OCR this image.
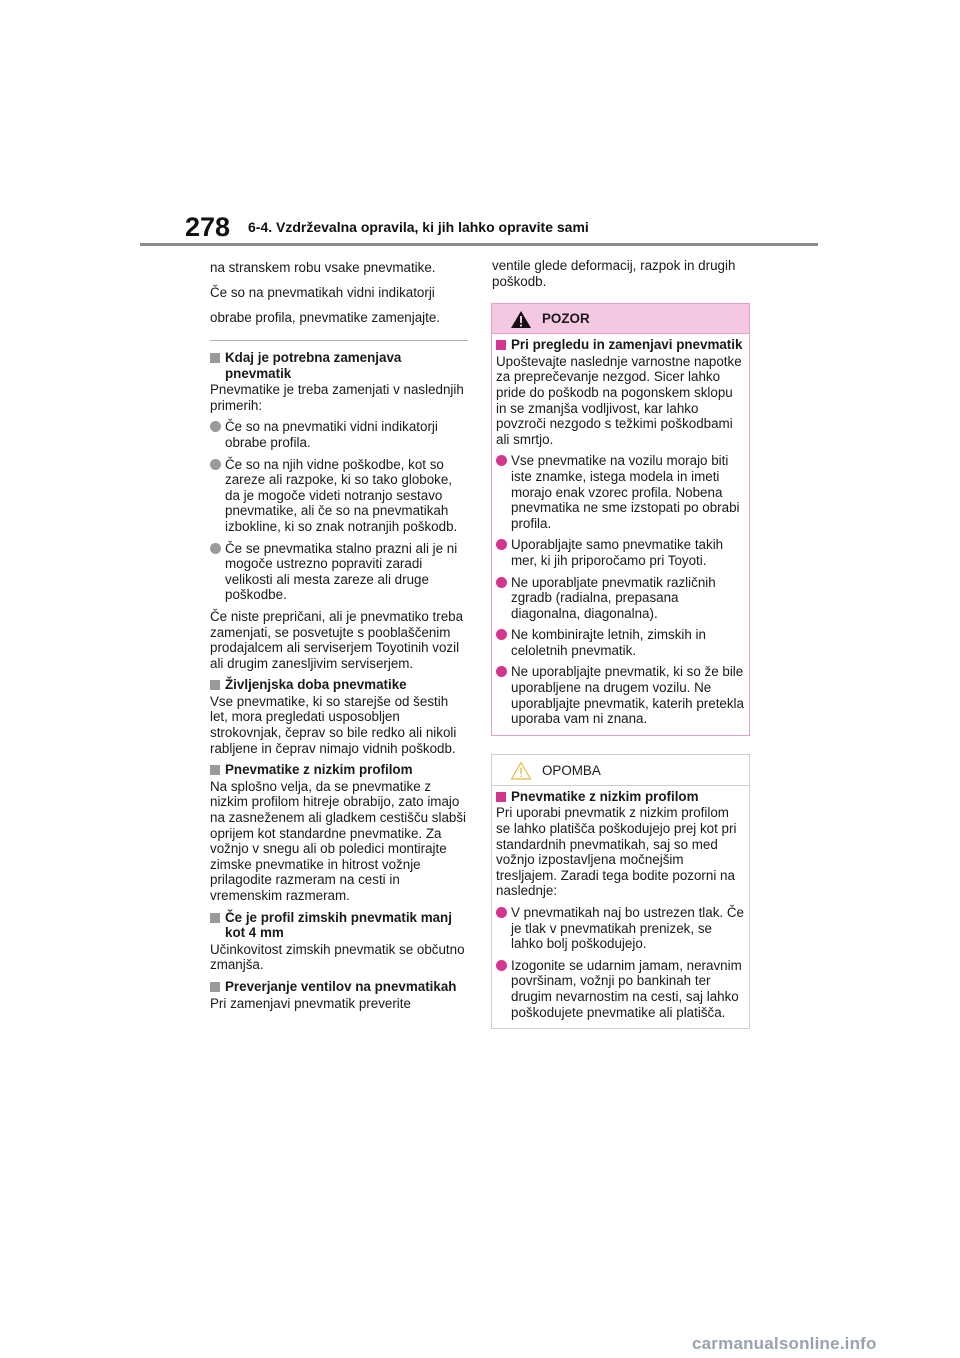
278 6-4. Vzdrževalna opravila, ki jih lahko opravite sami

na stranskem robu vsake pnevmatike.

Če so na pnevmatikah vidni indikatorji

obrabe profila, pnevmatike zamenjajte.

Kdaj je potrebna zamenjava pnevmatik

Pnevmatike je treba zamenjati v naslednjih primerih:

Če so na pnevmatiki vidni indikatorji obrabe profila.
Če so na njih vidne poškodbe, kot so zareze ali razpoke, ki so tako globoke, da je mogoče videti notranjo sestavo pnevmatike, ali če so na pnevmatikah izbokline, ki so znak notranjih poškodb.
Če se pnevmatika stalno prazni ali je ni mogoče ustrezno popraviti zaradi velikosti ali mesta zareze ali druge poškodbe.

Če niste prepričani, ali je pnevmatiko treba zamenjati, se posvetujte s pooblaščenim prodajalcem ali serviserjem Toyotinih vozil ali drugim zanesljivim serviserjem.

Življenjska doba pnevmatike

Vse pnevmatike, ki so starejše od šestih let, mora pregledati usposobljen strokovnjak, čeprav so bile redko ali nikoli rabljene in čeprav nimajo vidnih poškodb.

Pnevmatike z nizkim profilom

Na splošno velja, da se pnevmatike z nizkim profilom hitreje obrabijo, zato imajo na zasneženem ali gladkem cestišču slabši oprijem kot standardne pnevmatike. Za vožnjo v snegu ali ob poledici montirajte zimske pnevmatike in hitrost vožnje prilagodite razmeram na cesti in vremenskim razmeram.

Če je profil zimskih pnevmatik manj kot 4 mm

Učinkovitost zimskih pnevmatik se občutno zmanjša.

Preverjanje ventilov na pnevmatikah

Pri zamenjavi pnevmatik preverite

ventile glede deformacij, razpok in drugih poškodb.

POZOR
Pri pregledu in zamenjavi pnevmatik

Upoštevajte naslednje varnostne napotke za preprečevanje nezgod. Sicer lahko pride do poškodb na pogonskem sklopu in se zmanjša vodljivost, kar lahko povzroči nezgodo s težkimi poškodbami ali smrtjo.

Vse pnevmatike na vozilu morajo biti iste znamke, istega modela in imeti morajo enak vzorec profila. Nobena pnevmatika ne sme izstopati po obrabi profila.
Uporabljajte samo pnevmatike takih mer, ki jih priporočamo pri Toyoti.
Ne uporabljate pnevmatik različnih zgradb (radialna, prepasana diagonalna, diagonalna).
Ne kombinirajte letnih, zimskih in celoletnih pnevmatik.
Ne uporabljajte pnevmatik, ki so že bile uporabljene na drugem vozilu. Ne uporabljajte pnevmatik, katerih pretekla uporaba vam ni znana.
OPOMBA
Pnevmatike z nizkim profilom

Pri uporabi pnevmatik z nizkim profilom se lahko platišča poškodujejo prej kot pri standardnih pnevmatikah, saj so med vožnjo izpostavljena močnejšim tresljajem. Zaradi tega bodite pozorni na naslednje:

V pnevmatikah naj bo ustrezen tlak. Če je tlak v pnevmatikah prenizek, se lahko bolj poškodujejo.
Izogonite se udarnim jamam, neravnim površinam, vožnji po bankinah ter drugim nevarnostim na cesti, saj lahko poškodujete pnevmatike ali platišča.
carmanualsonline.info
